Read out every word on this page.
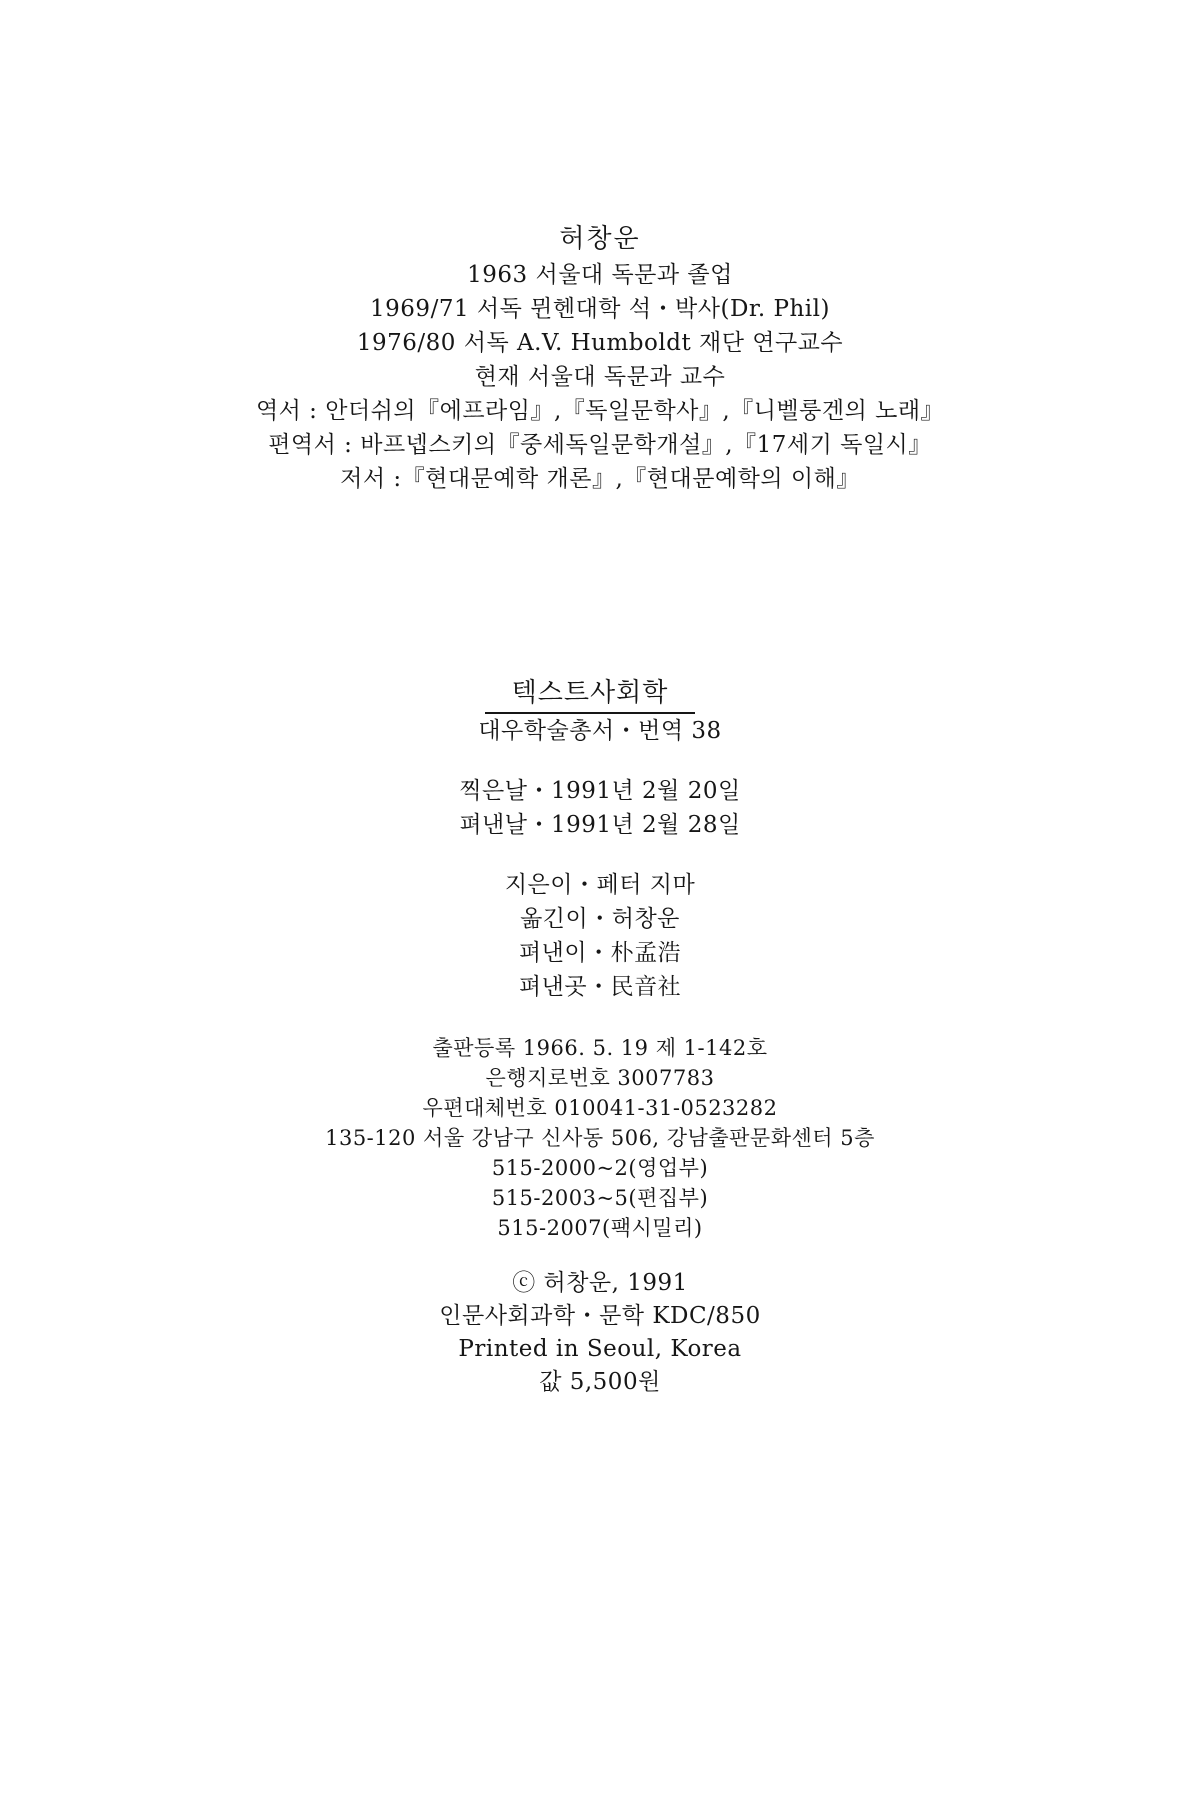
허창운
1963 서울대 독문과 졸업
1969/71 서독 뮌헨대학 석・박사(Dr. Phil)
1976/80 서독 A.V. Humboldt 재단 연구교수
현재 서울대 독문과 교수
역서 : 안더쉬의『에프라임』,『독일문학사』,『니벨룽겐의 노래』
편역서 : 바프넵스키의『중세독일문학개설』,『17세기 독일시』
저서 :『현대문예학 개론』,『현대문예학의 이해』
텍스트사회학
대우학술총서・번역 38
찍은날・1991년 2월 20일
펴낸날・1991년 2월 28일
지은이・페터 지마
옮긴이・허창운
펴낸이・朴孟浩
펴낸곳・民音社
출판등록 1966. 5. 19 제 1-142호
은행지로번호 3007783
우편대체번호 010041-31-0523282
135-120 서울 강남구 신사동 506, 강남출판문화센터 5층
515-2000~2(영업부)
515-2003~5(편집부)
515-2007(팩시밀리)
ⓒ 허창운, 1991
인문사회과학・문학 KDC/850
Printed in Seoul, Korea
값 5,500원
